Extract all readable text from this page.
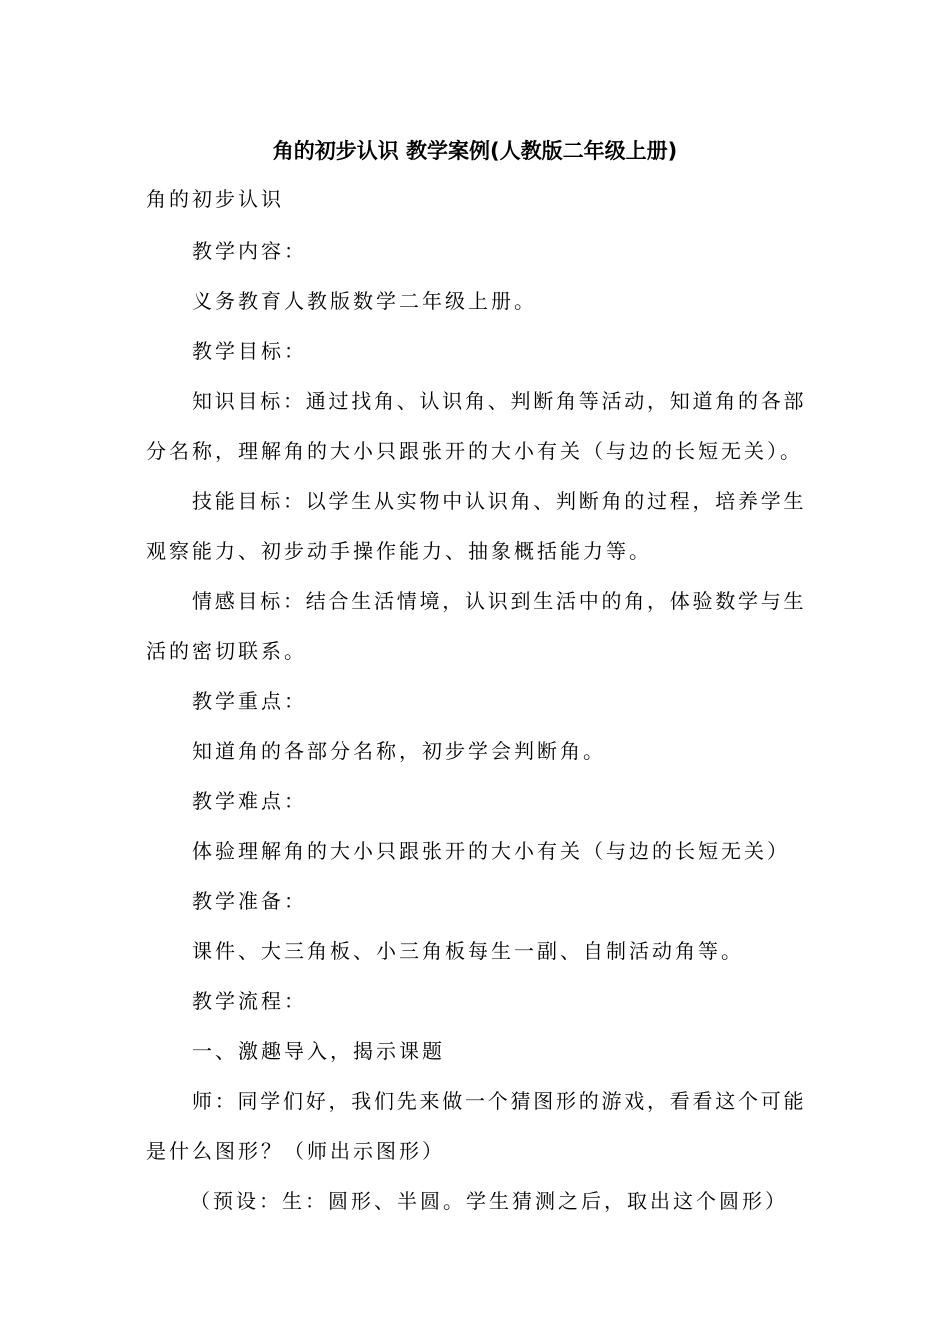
角的初步认识 教学案例(人教版二年级上册)
角的初步认识
教学内容：
义务教育人教版数学二年级上册。
教学目标：
知识目标：通过找角、认识角、判断角等活动，知道角的各部
分名称，理解角的大小只跟张开的大小有关（与边的长短无关）。
技能目标：以学生从实物中认识角、判断角的过程，培养学生
观察能力、初步动手操作能力、抽象概括能力等。
情感目标：结合生活情境，认识到生活中的角，体验数学与生
活的密切联系。
教学重点：
知道角的各部分名称，初步学会判断角。
教学难点：
体验理解角的大小只跟张开的大小有关（与边的长短无关）
教学准备：
课件、大三角板、小三角板每生一副、自制活动角等。
教学流程：
一、激趣导入，揭示课题
师：同学们好，我们先来做一个猜图形的游戏，看看这个可能
是什么图形？（师出示图形）
（预设：生：圆形、半圆。学生猜测之后，取出这个圆形）
